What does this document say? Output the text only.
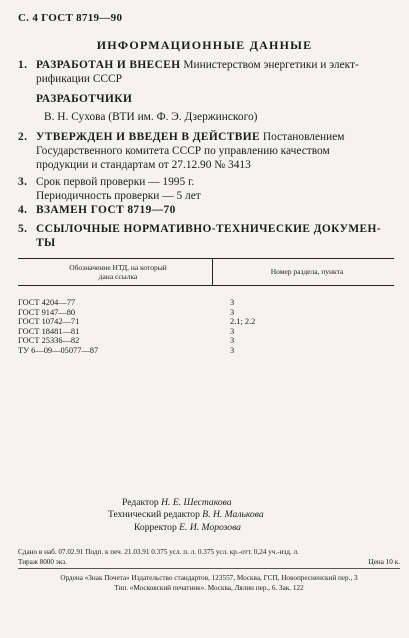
С. 4 ГОСТ 8719—90
ИНФОРМАЦИОННЫЕ ДАННЫЕ
1. РАЗРАБОТАН И ВНЕСЕН Министерством энергетики и элект-
рификации СССР
РАЗРАБОТЧИКИ
В. Н. Сухова (ВТИ им. Ф. Э. Дзержинского)
2. УТВЕРЖДЕН И ВВЕДЕН В ДЕЙСТВИЕ Постановлением
Государственного комитета СССР по управлению качеством
продукции и стандартам от 27.12.90 № 3413
3. Срок первой проверки — 1995 г.
Периодичность проверки — 5 лет
4. ВЗАМЕН ГОСТ 8719—70
5. ССЫЛОЧНЫЕ НОРМАТИВНО-ТЕХНИЧЕСКИЕ ДОКУМЕН-
ТЫ
Обозначение НТД, на который
дана ссылка
Номер раздела, пункта
ГОСТ 4204—77	3
ГОСТ 9147—80	3
ГОСТ 10742—71	2.1; 2.2
ГОСТ 18481—81	3
ГОСТ 25336—82	3
ТУ 6—09—05077—87	3
Редактор Н. Е. Шестакова
Технический редактор В. Н. Малькова
Корректор Е. И. Морозова
Сдано в наб. 07.02.91 Подп. к печ. 21.03.91 0.375 усл. п. л. 0.375 усл. кр.-отт. 0,24 уч.-изд. л.
Тираж 8000 экз.	Цена 10 к.
Ордена «Знак Почета» Издательство стандартов, 123557, Москва, ГСП, Новопресненский пер., 3
Тип. «Московский печатник». Москва, Лялин пер., 6. Зак. 122
